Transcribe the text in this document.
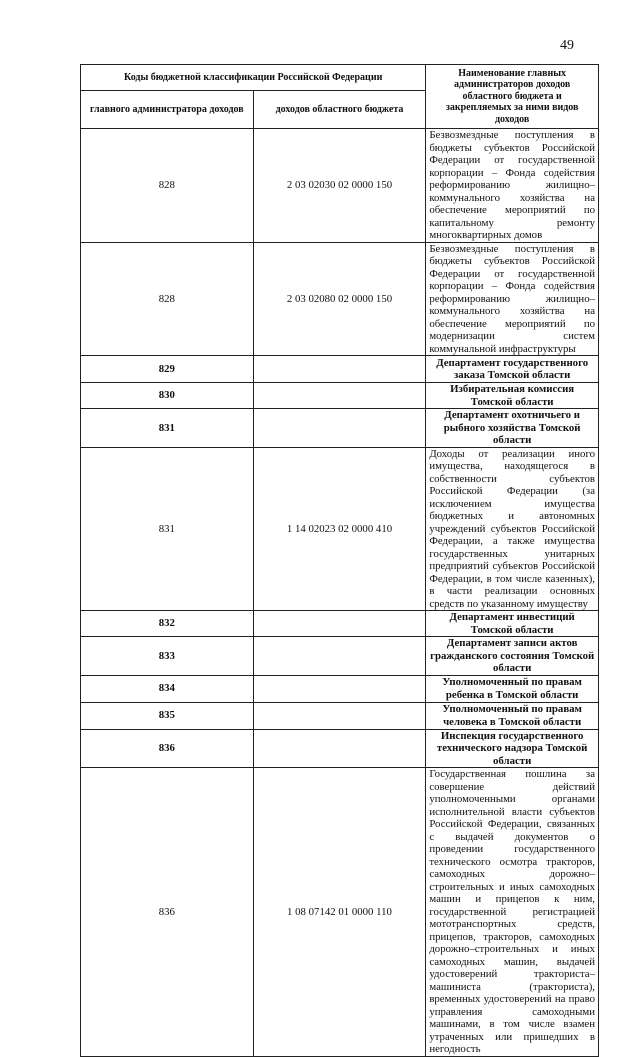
49
Коды бюджетной классификации Российской Федерации		Наименование главных администраторов доходов областного бюджета и закрепляемых за ними видов доходов
главного администратора доходов	доходов областного бюджета	
828	2 03 02030 02 0000 150	Безвозмездные поступления в бюджеты субъектов Российской Федерации от государственной корпорации – Фонда содействия реформированию жилищно–коммунального хозяйства на обеспечение мероприятий по капитальному ремонту многоквартирных домов
828	2 03 02080 02 0000 150	Безвозмездные поступления в бюджеты субъектов Российской Федерации от государственной корпорации – Фонда содействия реформированию жилищно–коммунального хозяйства на обеспечение мероприятий по модернизации систем коммунальной инфраструктуры
829		Департамент государственного заказа Томской области
830		Избирательная комиссия Томской области
831		Департамент охотничьего и рыбного хозяйства Томской области
831	1 14 02023 02 0000 410	Доходы от реализации иного имущества, находящегося в собственности субъектов Российской Федерации (за исключением имущества бюджетных и автономных учреждений субъектов Российской Федерации, а также имущества государственных унитарных предприятий субъектов Российской Федерации, в том числе казенных), в части реализации основных средств по указанному имуществу
832		Департамент инвестиций Томской области
833		Департамент записи актов гражданского состояния Томской области
834		Уполномоченный по правам ребенка в Томской области
835		Уполномоченный по правам человека в Томской области
836		Инспекция государственного технического надзора Томской области
836	1 08 07142 01 0000 110	Государственная пошлина за совершение действий уполномоченными органами исполнительной власти субъектов Российской Федерации, связанных с выдачей документов о проведении государственного технического осмотра тракторов, самоходных дорожно–строительных и иных самоходных машин и прицепов к ним, государственной регистрацией мототранспортных средств, прицепов, тракторов, самоходных дорожно–строительных и иных самоходных машин, выдачей удостоверений тракториста–машиниста (тракториста), временных удостоверений на право управления самоходными машинами, в том числе взамен утраченных или пришедших в негодность
